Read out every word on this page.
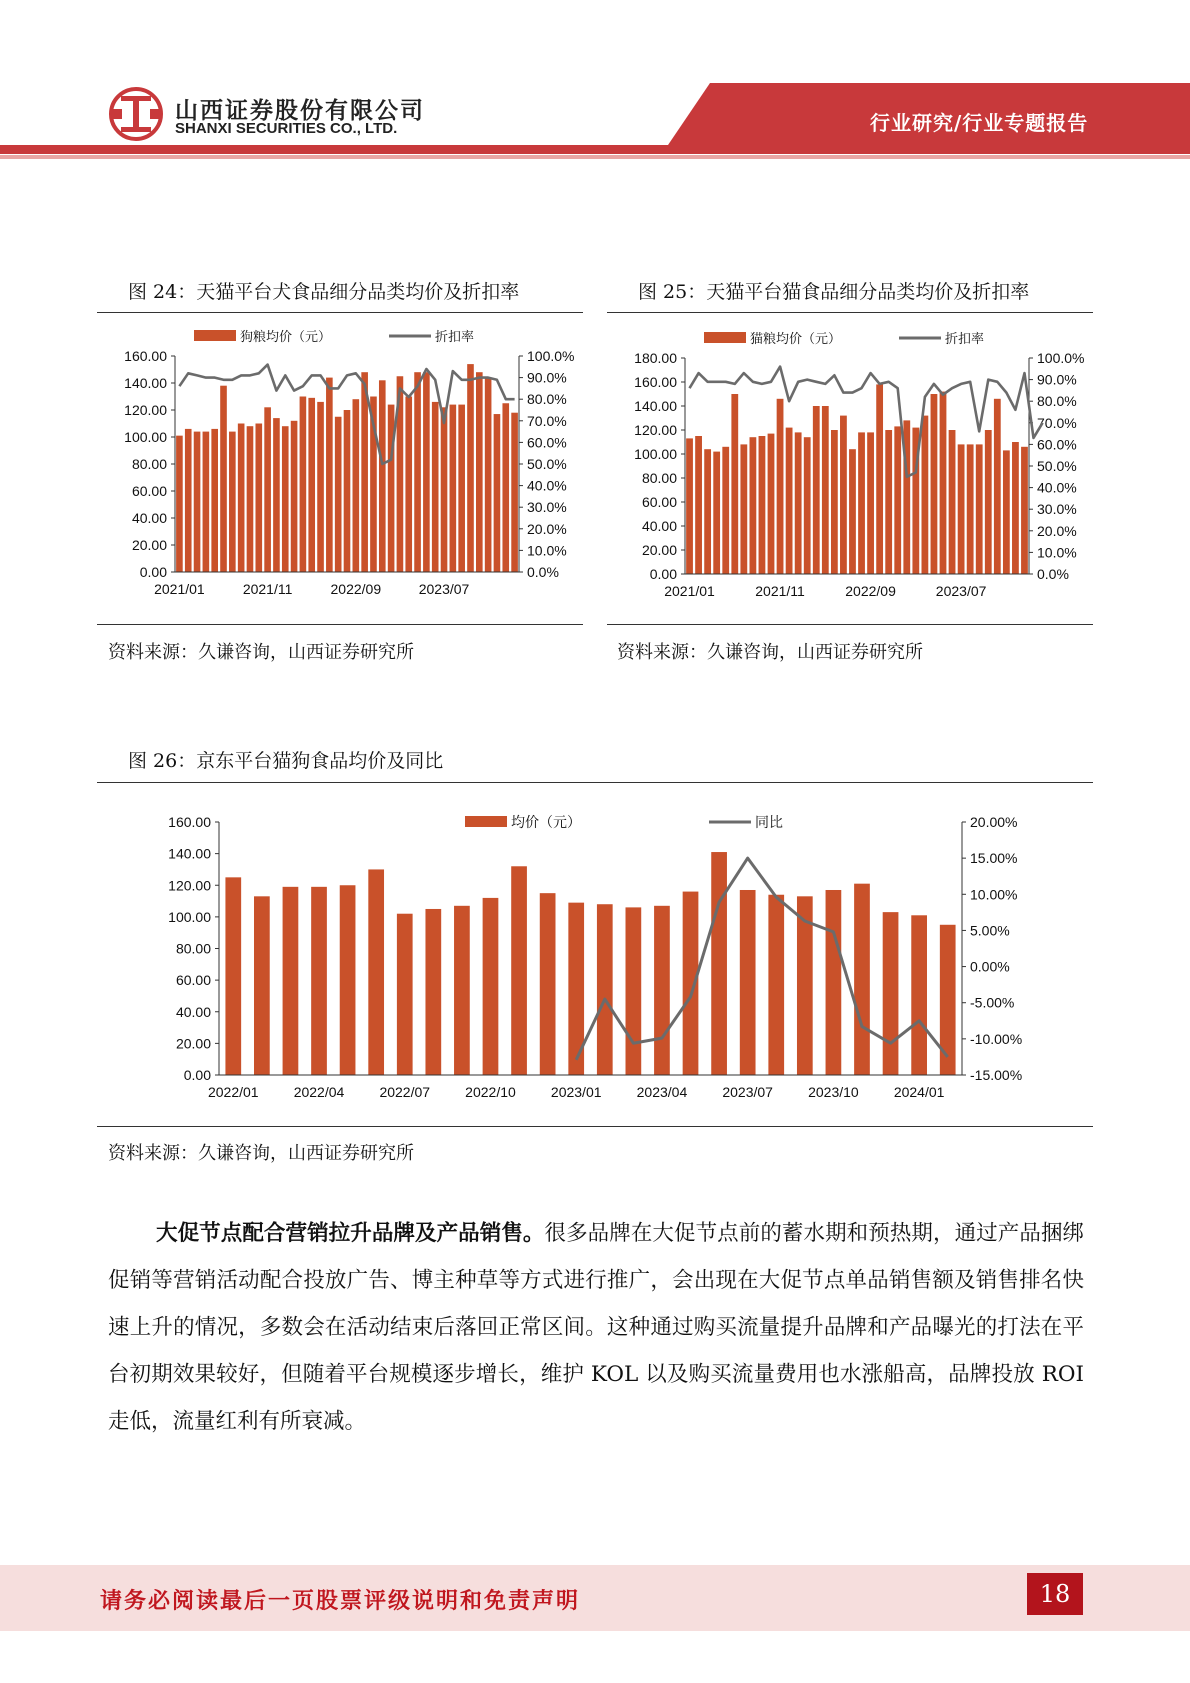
山西证券股份有限公司
SHANXI SECURITIES CO., LTD.	行业研究/行业专题报告
图 24：天猫平台犬食品细分品类均价及折扣率
0.00
20.00
40.00
60.00
80.00
100.00
120.00
140.00
160.00
0.0%
10.0%
20.0%
30.0%
40.0%
50.0%
60.0%
70.0%
80.0%
90.0%
100.0%
2021/01	2021/11	2022/09	2023/07
狗粮均价（元）	折扣率
资料来源：久谦咨询，山西证券研究所
图 25：天猫平台猫食品细分品类均价及折扣率
0.00
20.00
40.00
60.00
80.00
100.00
120.00
140.00
160.00
180.00
0.0%
10.0%
20.0%
30.0%
40.0%
50.0%
60.0%
70.0%
80.0%
90.0%
100.0%
2021/01	2021/11	2022/09	2023/07
猫粮均价（元）	折扣率
资料来源：久谦咨询，山西证券研究所
图 26：京东平台猫狗食品均价及同比
0.00
20.00
40.00
60.00
80.00
100.00
120.00
140.00
160.00
-15.00%
-10.00%
-5.00%
0.00%
5.00%
10.00%
15.00%
20.00%
2022/01	2022/04	2022/07	2022/10	2023/01	2023/04	2023/07	2023/10	2024/01
均价（元）	同比
资料来源：久谦咨询，山西证券研究所
大促节点配合营销拉升品牌及产品销售。很多品牌在大促节点前的蓄水期和预热期，通过产品捆绑促销等营销活动配合投放广告、博主种草等方式进行推广，会出现在大促节点单品销售额及销售排名快速上升的情况，多数会在活动结束后落回正常区间。这种通过购买流量提升品牌和产品曝光的打法在平台初期效果较好，但随着平台规模逐步增长，维护 KOL 以及购买流量费用也水涨船高，品牌投放 ROI 走低，流量红利有所衰减。
请务必阅读最后一页股票评级说明和免责声明	18
